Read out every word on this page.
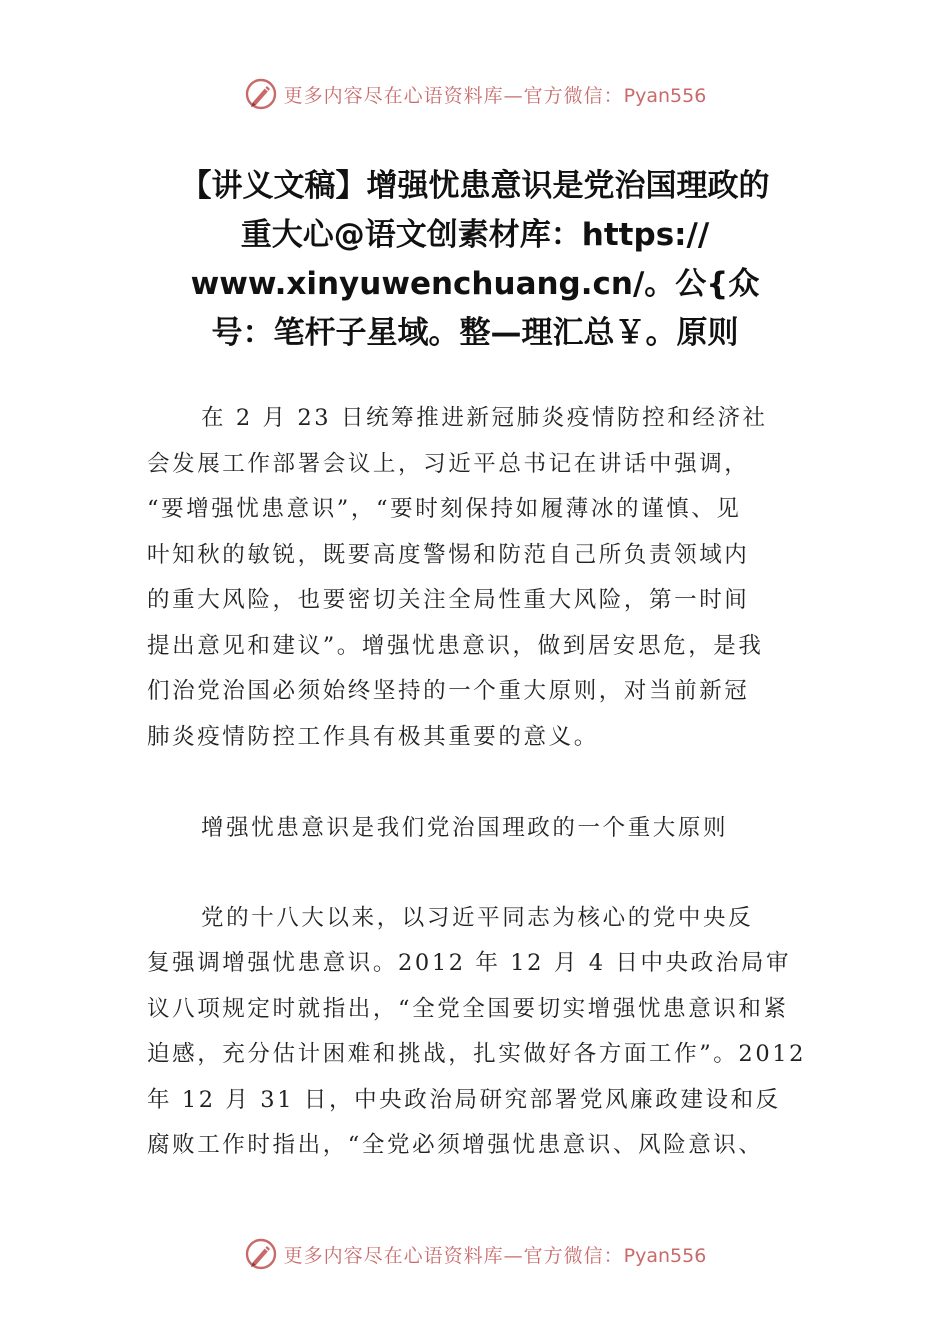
更多内容尽在心语资料库—官方微信：Pyan556
【讲义文稿】增强忧患意识是党治国理政的
重大心@语文创素材库：https://
www.xinyuwenchuang.cn/。公{众
号：笔杆子星域。整—理汇总￥。原则

在 2 月 23 日统筹推进新冠肺炎疫情防控和经济社
会发展工作部署会议上，习近平总书记在讲话中强调，
“要增强忧患意识”，“要时刻保持如履薄冰的谨慎、见
叶知秋的敏锐，既要高度警惕和防范自己所负责领域内
的重大风险，也要密切关注全局性重大风险，第一时间
提出意见和建议”。增强忧患意识，做到居安思危，是我
们治党治国必须始终坚持的一个重大原则，对当前新冠
肺炎疫情防控工作具有极其重要的意义。

增强忧患意识是我们党治国理政的一个重大原则

党的十八大以来，以习近平同志为核心的党中央反
复强调增强忧患意识。2012 年 12 月 4 日中央政治局审
议八项规定时就指出，“全党全国要切实增强忧患意识和紧
迫感，充分估计困难和挑战，扎实做好各方面工作”。2012
年 12 月 31 日，中央政治局研究部署党风廉政建设和反
腐败工作时指出，“全党必须增强忧患意识、风险意识、

更多内容尽在心语资料库—官方微信：Pyan556
